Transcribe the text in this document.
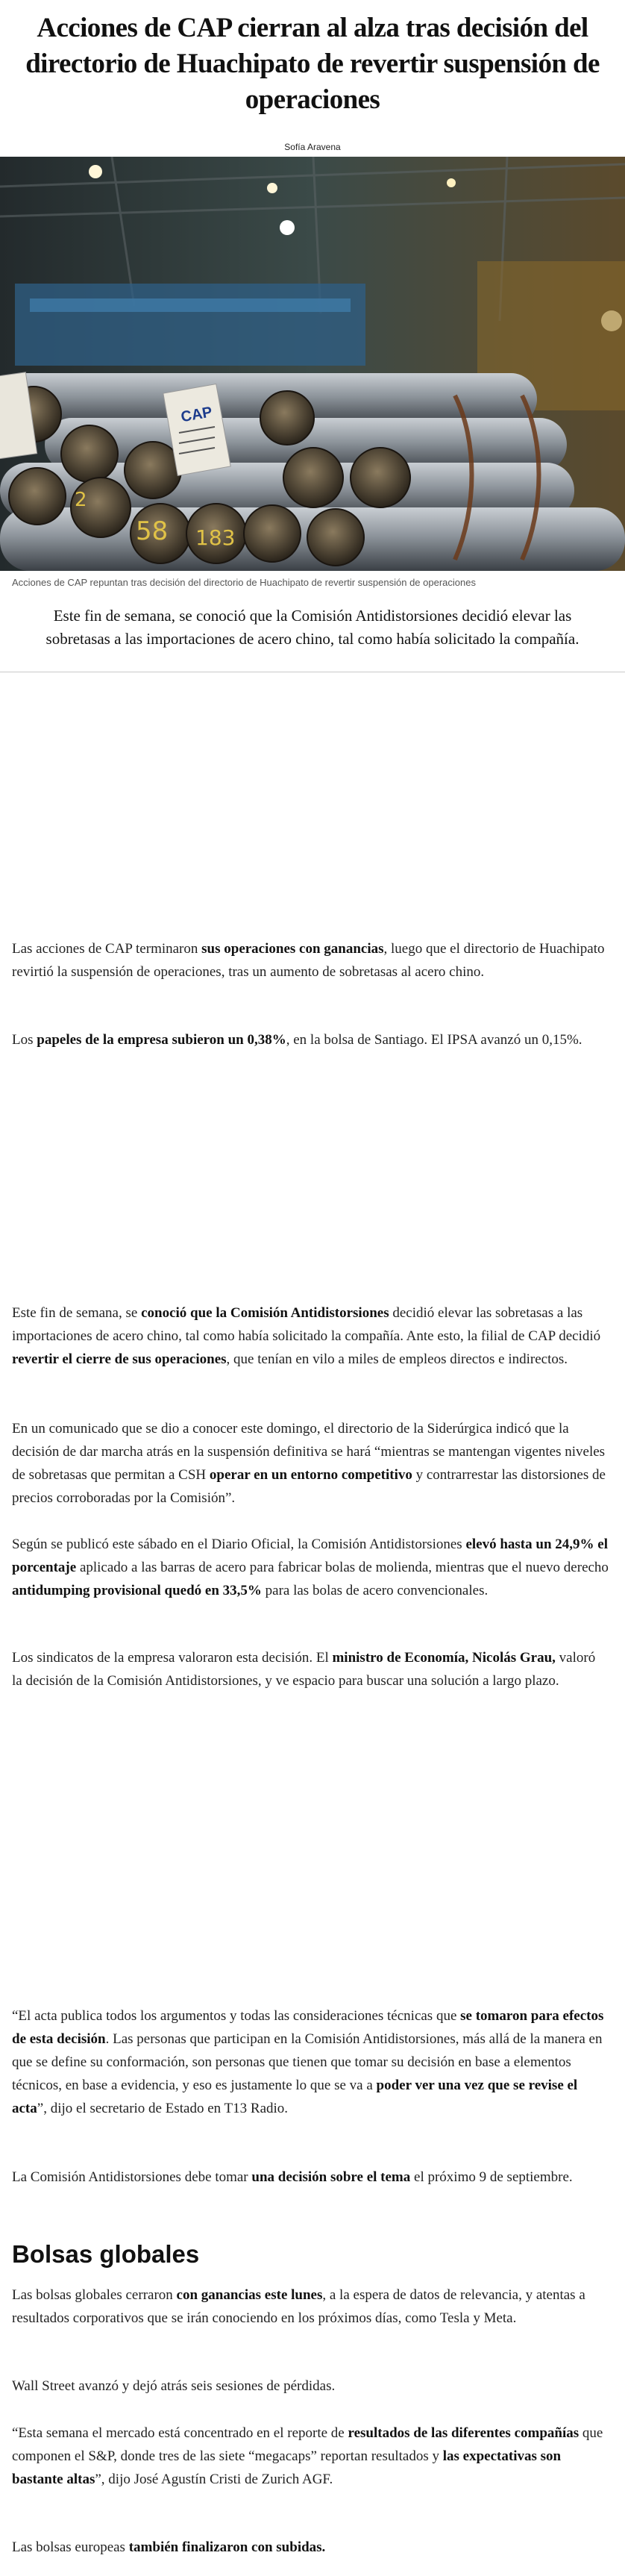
Acciones de CAP cierran al alza tras decisión del directorio de Huachipato de revertir suspensión de operaciones
Sofía Aravena
CAP
58 183
2
Acciones de CAP repuntan tras decisión del directorio de Huachipato de revertir suspensión de operaciones
Este fin de semana, se conoció que la Comisión Antidistorsiones decidió elevar las sobretasas a las importaciones de acero chino, tal como había solicitado la compañía.

Las acciones de CAP terminaron sus operaciones con ganancias, luego que el directorio de Huachipato revirtió la suspensión de operaciones, tras un aumento de sobretasas al acero chino.

Los papeles de la empresa subieron un 0,38%, en la bolsa de Santiago. El IPSA avanzó un 0,15%.

Este fin de semana, se conoció que la Comisión Antidistorsiones decidió elevar las sobretasas a las importaciones de acero chino, tal como había solicitado la compañía. Ante esto, la filial de CAP decidió revertir el cierre de sus operaciones, que tenían en vilo a miles de empleos directos e indirectos.

En un comunicado que se dio a conocer este domingo, el directorio de la Siderúrgica indicó que la decisión de dar marcha atrás en la suspensión definitiva se hará “mientras se mantengan vigentes niveles de sobretasas que permitan a CSH operar en un entorno competitivo y contrarrestar las distorsiones de precios corroboradas por la Comisión”.

Según se publicó este sábado en el Diario Oficial, la Comisión Antidistorsiones elevó hasta un 24,9% el porcentaje aplicado a las barras de acero para fabricar bolas de molienda, mientras que el nuevo derecho antidumping provisional quedó en 33,5% para las bolas de acero convencionales.

Los sindicatos de la empresa valoraron esta decisión. El ministro de Economía, Nicolás Grau, valoró la decisión de la Comisión Antidistorsiones, y ve espacio para buscar una solución a largo plazo.

“El acta publica todos los argumentos y todas las consideraciones técnicas que se tomaron para efectos de esta decisión. Las personas que participan en la Comisión Antidistorsiones, más allá de la manera en que se define su conformación, son personas que tienen que tomar su decisión en base a elementos técnicos, en base a evidencia, y eso es justamente lo que se va a poder ver una vez que se revise el acta”, dijo el secretario de Estado en T13 Radio.

La Comisión Antidistorsiones debe tomar una decisión sobre el tema el próximo 9 de septiembre.

Bolsas globales

Las bolsas globales cerraron con ganancias este lunes, a la espera de datos de relevancia, y atentas a resultados corporativos que se irán conociendo en los próximos días, como Tesla y Meta.

Wall Street avanzó y dejó atrás seis sesiones de pérdidas.

“Esta semana el mercado está concentrado en el reporte de resultados de las diferentes compañías que componen el S&P, donde tres de las siete “megacaps” reportan resultados y las expectativas son bastante altas”, dijo José Agustín Cristi de Zurich AGF.

Las bolsas europeas también finalizaron con subidas.
